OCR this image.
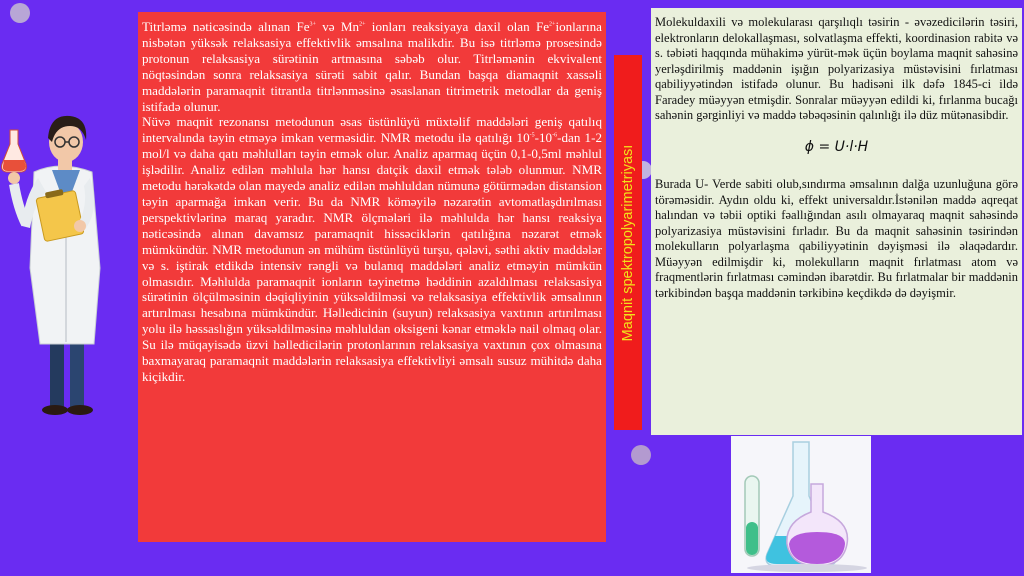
Titrləmə nəticəsində alınan $Fe^{3+}$ və $Mn^{2+}$ ionları reaksiyaya daxil olan $Fe^{2+}ionlarına$ nisbətən yüksək relaksasiya effektivlik əmsalına malikdir. Bu isə titrləmə prosesində protonun relaksasiya sürətinin artmasına səbəb olur. Titrləmənin ekvivalent nöqtəsindən sonra relaksasiya sürəti sabit qalır. Bundan başqa diamaqnit xassəli maddələrin paramaqnit titrantla titrlənməsinə əsaslanan titrimetrik metodlar da geniş istifadə olunur.

Nüvə maqnit rezonansı metodunun əsas üstünlüyü müxtəlif maddələri geniş qatılıq intervalında təyin etməyə imkan verməsidir. NMR metodu ilə qatılığı $10^{-5}-10^{-6}$-dan 1-2 mol/l və daha qatı məhlulları təyin etmək olur. Analiz aparmaq üçün 0,1-0,5ml məhlul işlədilir. Analiz edilən məhlula hər hansı datçik daxil etmək tələb olunmur. NMR metodu hərəkətdə olan mayedə analiz edilən məhluldan nümunə götürmədən distansion təyin aparmağa imkan verir. Bu da NMR köməyilə nəzarətin avtomatlaşdırılması perspektivlərinə maraq yaradır. NMR ölçmələri ilə məhlulda hər hansı reaksiya nəticəsində alınan davamsız paramaqnit hissəciklərin qatılığına nəzarət etmək mümkündür. NMR metodunun ən mühüm üstünlüyü turşu, qələvi, səthi aktiv maddələr və s. iştirak etdikdə intensiv rəngli və bulanıq maddələri analiz etməyin mümkün olmasıdır. Məhlulda paramaqnit ionların təyinetmə həddinin azaldılması relaksasiya sürətinin ölçülməsinin dəqiqliyinin yüksəldilməsi və relaksasiya effektivlik əmsalının artırılması hesabına mümkündür. Həlledicinin (suyun) relaksasiya vaxtının artırılması yolu ilə həssaslığın yüksəldilməsinə məhluldan oksigeni kənar etməklə nail olmaq olar. Su ilə müqayisədə üzvi həlledicilərin protonlarının relaksasiya vaxtının çox olmasına baxmayaraq paramaqnit maddələrin relaksasiya effektivliyi əmsalı susuz mühitdə daha kiçikdir.

Maqnit spektropolyarimetriyası

Molekuldaxili və molekularası qarşılıqlı təsirin - əvəzedicilərin təsiri, elektronların delokallaşması, solvatlaşma effekti, koordinasion rabitə və s. təbiəti haqqında mühakimə yürüt-mək üçün boylama maqnit sahəsinə yerləşdirilmiş maddənin işığın polyarizasiya müstəvisini fırlatması qabiliyyətindən istifadə olunur. Bu hadisəni ilk dəfə 1845-ci ildə Faradey müəyyən etmişdir. Sonralar müəyyən edildi ki, fırlanma bucağı sahənin gərginliyi və maddə təbəqəsinin qalınlığı ilə düz mütənasibdir.

ϕ = U·l·H

Burada U- Verde sabiti olub,sındırma əmsalının dalğa uzunluğuna görə törəməsidir. Aydın oldu ki, effekt universaldır.İstənilən maddə aqreqat halından və təbii optiki fəallığından asılı olmayaraq maqnit sahəsində polyarizasiya müstəvisini fırladır. Bu da maqnit sahəsinin təsirindən molekulların polyarlaşma qabiliyyətinin dəyişməsi ilə əlaqədardır. Müəyyən edilmişdir ki, molekulların maqnit fırlatması atom və fraqmentlərin fırlatması cəmindən ibarətdir. Bu fırlatmalar bir maddənin tərkibindən başqa maddənin tərkibinə keçdikdə də dəyişmir.
